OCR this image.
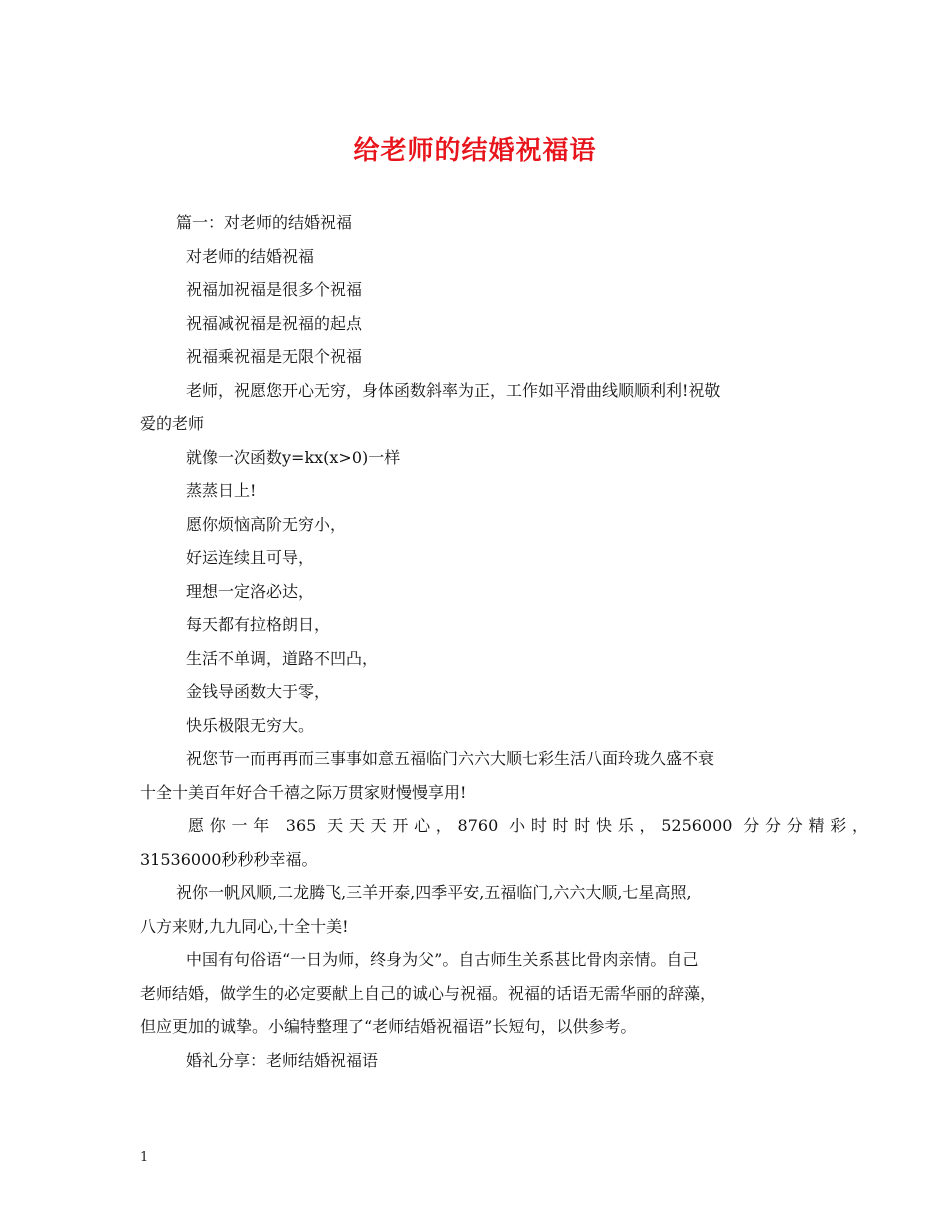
给老师的结婚祝福语
篇一：对老师的结婚祝福
对老师的结婚祝福
祝福加祝福是很多个祝福
祝福减祝福是祝福的起点
祝福乘祝福是无限个祝福
老师，祝愿您开心无穷，身体函数斜率为正，工作如平滑曲线顺顺利利!祝敬
爱的老师
就像一次函数y=kx(x>0)一样
蒸蒸日上!
愿你烦恼高阶无穷小，
好运连续且可导，
理想一定洛必达，
每天都有拉格朗日，
生活不单调，道路不凹凸，
金钱导函数大于零，
快乐极限无穷大。
祝您节一而再再而三事事如意五福临门六六大顺七彩生活八面玲珑久盛不衰
十全十美百年好合千禧之际万贯家财慢慢享用!
愿你一年 365 天天天开心，8760 小时时时快乐，5256000 分分分精彩，
31536000秒秒秒幸福。
祝你一帆风顺,二龙腾飞,三羊开泰,四季平安,五福临门,六六大顺,七星高照,
八方来财,九九同心,十全十美!
中国有句俗语“一日为师，终身为父”。自古师生关系甚比骨肉亲情。自己
老师结婚，做学生的必定要献上自己的诚心与祝福。祝福的话语无需华丽的辞藻，
但应更加的诚挚。小编特整理了“老师结婚祝福语”长短句，以供参考。
婚礼分享：老师结婚祝福语
1
